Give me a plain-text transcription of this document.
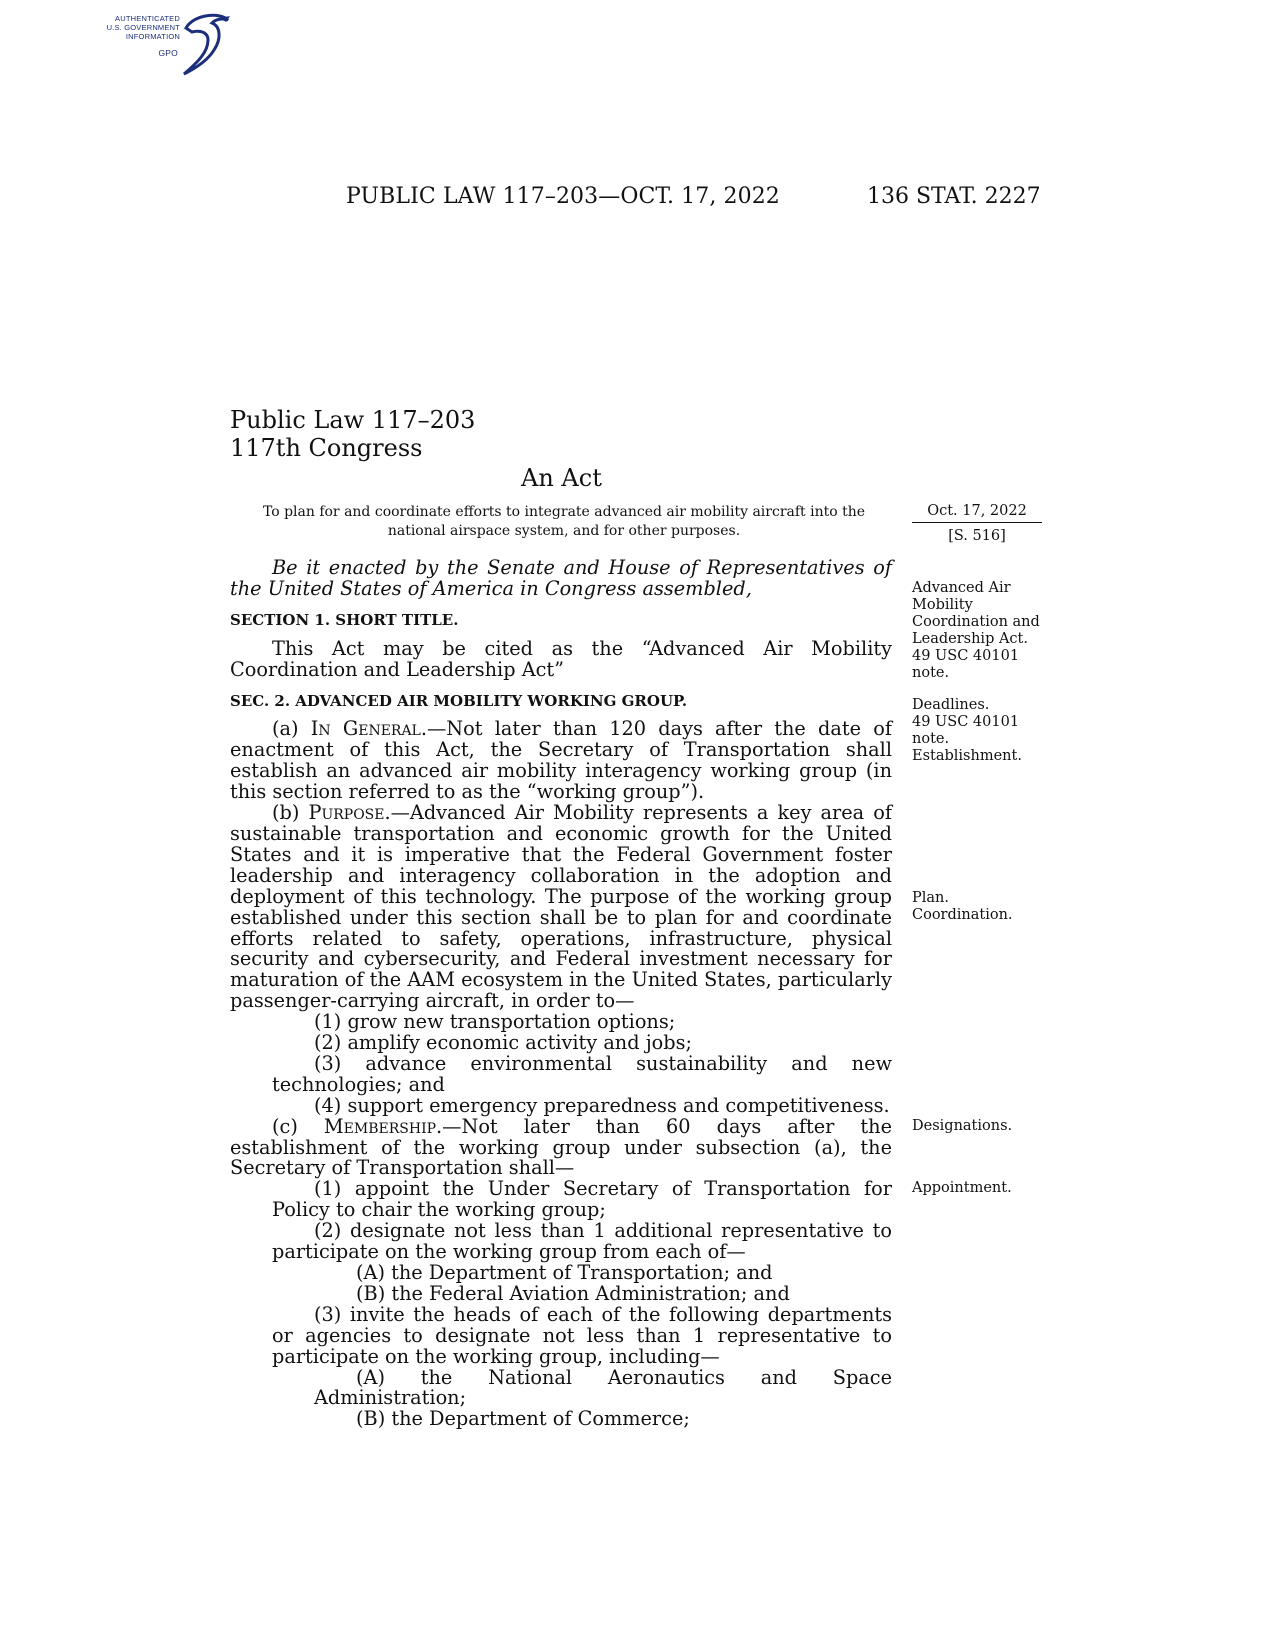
AUTHENTICATED
U.S. GOVERNMENT
INFORMATION
GPO
PUBLIC LAW 117–203—OCT. 17, 2022	136 STAT. 2227
Public Law 117–203
117th Congress
An Act
To plan for and coordinate efforts to integrate advanced air mobility aircraft into the national airspace system, and for other purposes.
Oct. 17, 2022
[S. 516]

Be it enacted by the Senate and House of Representatives of the United States of America in Congress assembled,

SECTION 1. SHORT TITLE.

This Act may be cited as the “Advanced Air Mobility Coordination and Leadership Act”

SEC. 2. ADVANCED AIR MOBILITY WORKING GROUP.

(a) In General.—Not later than 120 days after the date of enactment of this Act, the Secretary of Transportation shall establish an advanced air mobility interagency working group (in this section referred to as the “working group”).

(b) Purpose.—Advanced Air Mobility represents a key area of sustainable transportation and economic growth for the United States and it is imperative that the Federal Government foster leadership and interagency collaboration in the adoption and deployment of this technology. The purpose of the working group established under this section shall be to plan for and coordinate efforts related to safety, operations, infrastructure, physical security and cybersecurity, and Federal investment necessary for maturation of the AAM ecosystem in the United States, particularly passenger-carrying aircraft, in order to—

(1) grow new transportation options;

(2) amplify economic activity and jobs;

(3) advance environmental sustainability and new technologies; and

(4) support emergency preparedness and competitiveness.

(c) Membership.—Not later than 60 days after the establishment of the working group under subsection (a), the Secretary of Transportation shall—

(1) appoint the Under Secretary of Transportation for Policy to chair the working group;

(2) designate not less than 1 additional representative to participate on the working group from each of—

(A) the Department of Transportation; and

(B) the Federal Aviation Administration; and

(3) invite the heads of each of the following departments or agencies to designate not less than 1 representative to participate on the working group, including—

(A) the National Aeronautics and Space Administration;

(B) the Department of Commerce;

Advanced Air
Mobility
Coordination and
Leadership Act.
49 USC 40101
note.
Deadlines.
49 USC 40101
note.
Establishment.
Plan.
Coordination.
Designations.
Appointment.
